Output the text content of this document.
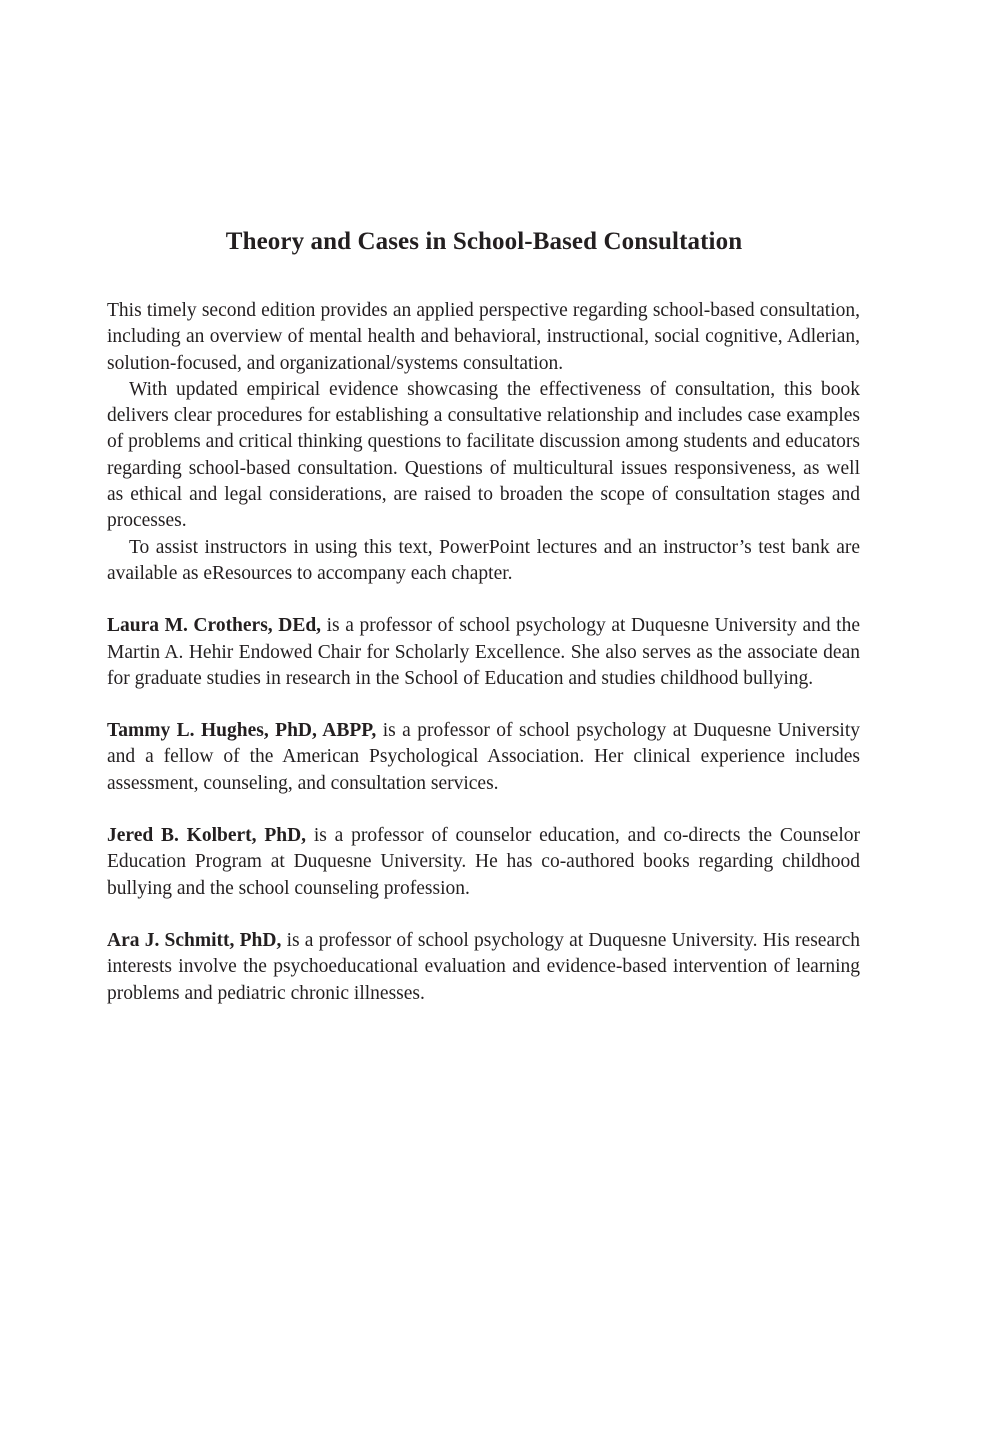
Theory and Cases in School-Based Consultation

This timely second edition provides an applied perspective regarding school-based consultation, including an overview of mental health and behavioral, instructional, social cognitive, Adlerian, solution-focused, and organizational/systems consultation.

With updated empirical evidence showcasing the effectiveness of consultation, this book delivers clear procedures for establishing a consultative relationship and includes case examples of problems and critical thinking questions to facilitate discussion among students and educators regarding school-based consultation. Questions of multicultural issues responsiveness, as well as ethical and legal considerations, are raised to broaden the scope of consultation stages and processes.

To assist instructors in using this text, PowerPoint lectures and an instructor’s test bank are available as eResources to accompany each chapter.

Laura M. Crothers, DEd, is a professor of school psychology at Duquesne University and the Martin A. Hehir Endowed Chair for Scholarly Excellence. She also serves as the associate dean for graduate studies in research in the School of Education and studies childhood bullying.

Tammy L. Hughes, PhD, ABPP, is a professor of school psychology at Duquesne University and a fellow of the American Psychological Association. Her clinical experience includes assessment, counseling, and consultation services.

Jered B. Kolbert, PhD, is a professor of counselor education, and co-directs the Counselor Education Program at Duquesne University. He has co-authored books regarding childhood bullying and the school counseling profession.

Ara J. Schmitt, PhD, is a professor of school psychology at Duquesne University. His research interests involve the psychoeducational evaluation and evidence-based intervention of learning problems and pediatric chronic illnesses.
